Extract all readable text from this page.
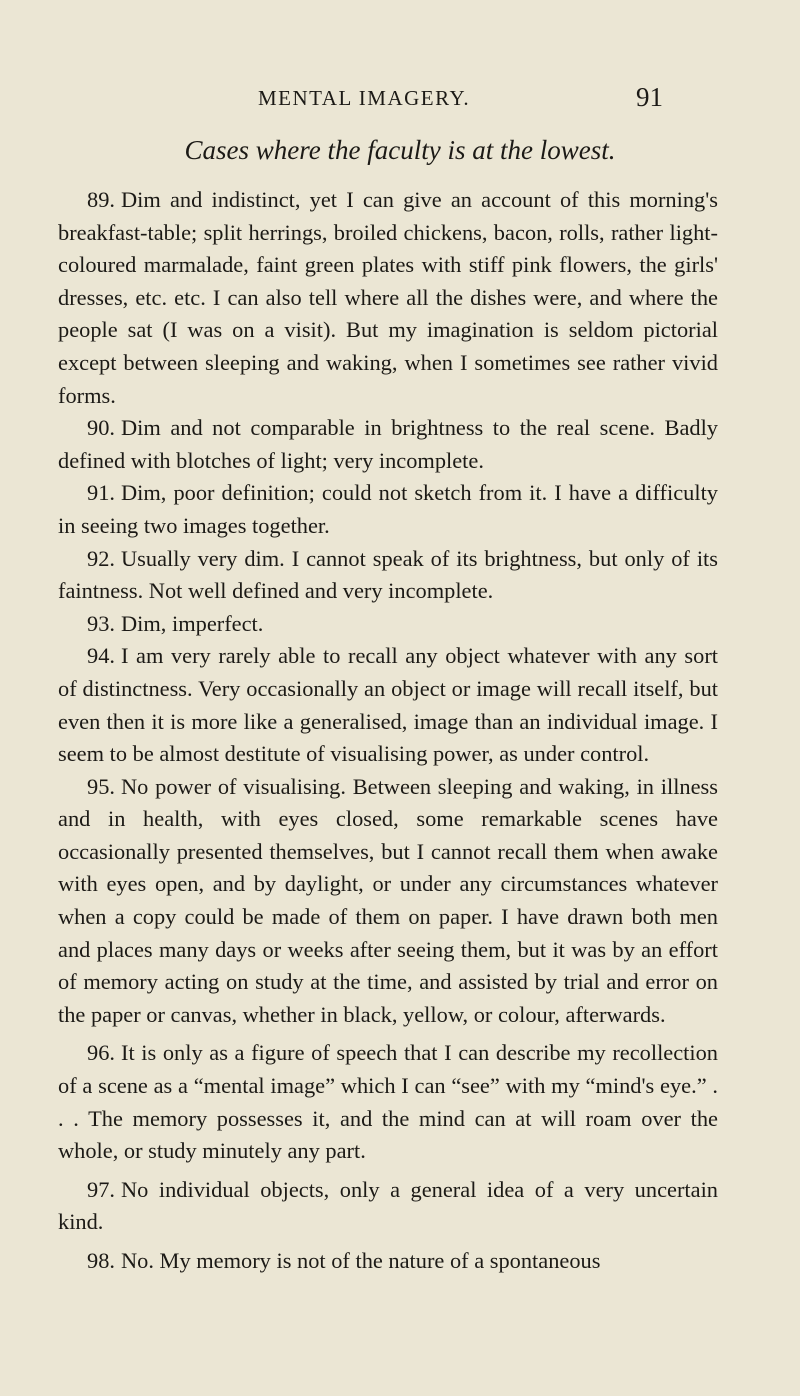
MENTAL IMAGERY.	91
Cases where the faculty is at the lowest.

89. Dim and indistinct, yet I can give an account of this morning's breakfast-table; split herrings, broiled chickens, bacon, rolls, rather light-coloured marmalade, faint green plates with stiff pink flowers, the girls' dresses, etc. etc. I can also tell where all the dishes were, and where the people sat (I was on a visit). But my imagination is seldom pictorial except between sleeping and waking, when I sometimes see rather vivid forms.

90. Dim and not comparable in brightness to the real scene. Badly defined with blotches of light; very incomplete.

91. Dim, poor definition; could not sketch from it. I have a difficulty in seeing two images together.

92. Usually very dim. I cannot speak of its brightness, but only of its faintness. Not well defined and very incomplete.

93. Dim, imperfect.

94. I am very rarely able to recall any object whatever with any sort of distinctness. Very occasionally an object or image will recall itself, but even then it is more like a generalised, image than an individual image. I seem to be almost destitute of visualising power, as under control.

95. No power of visualising. Between sleeping and waking, in illness and in health, with eyes closed, some remarkable scenes have occasionally presented themselves, but I cannot recall them when awake with eyes open, and by daylight, or under any circumstances whatever when a copy could be made of them on paper. I have drawn both men and places many days or weeks after seeing them, but it was by an effort of memory acting on study at the time, and assisted by trial and error on the paper or canvas, whether in black, yellow, or colour, afterwards.

96. It is only as a figure of speech that I can describe my recollection of a scene as a “mental image” which I can “see” with my “mind's eye.” . . . The memory possesses it, and the mind can at will roam over the whole, or study minutely any part.

97. No individual objects, only a general idea of a very uncertain kind.

98. No. My memory is not of the nature of a spontaneous
